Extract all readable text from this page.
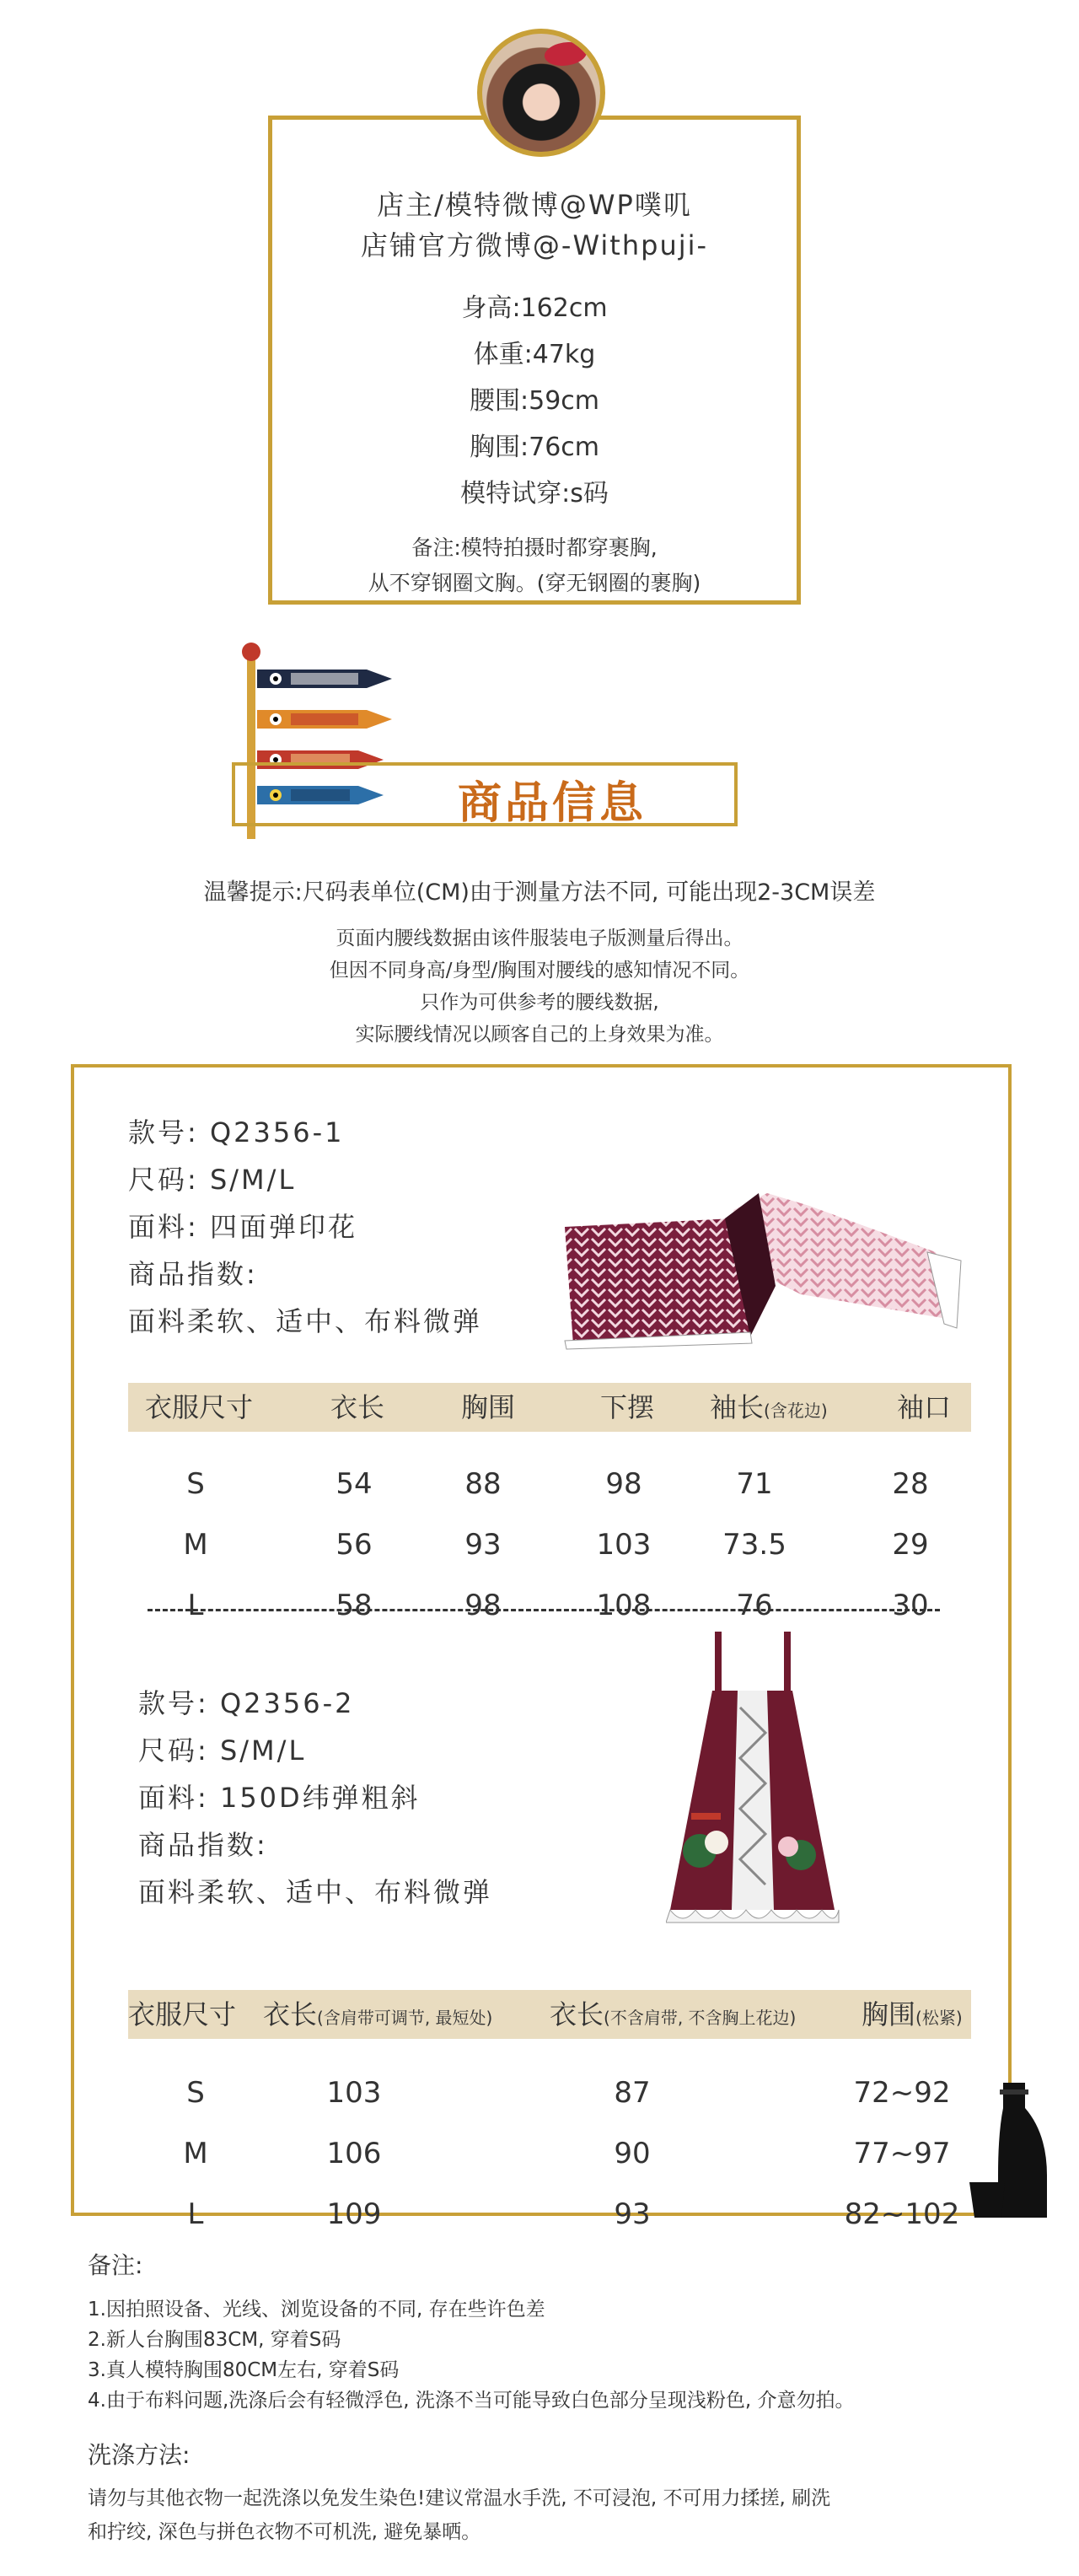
店主/模特微博@WP噗叽
店铺官方微博@-Withpuji-
身高:162cm
体重:47kg
腰围:59cm
胸围:76cm
模特试穿:s码
备注:模特拍摄时都穿裹胸,
从不穿钢圈文胸。(穿无钢圈的裹胸)
商品信息
温馨提示:尺码表单位(CM)由于测量方法不同, 可能出现2-3CM误差
页面内腰线数据由该件服装电子版测量后得出。
但因不同身高/身型/胸围对腰线的感知情况不同。
只作为可供参考的腰线数据,
实际腰线情况以顾客自己的上身效果为准。
款号: Q2356-1
尺码: S/M/L
面料: 四面弹印花
商品指数:
面料柔软、适中、布料微弹
衣服尺寸	衣长	胸围	下摆 袖长(含花边)	袖口
S	54	88	98	71	28
M	56	93	103	73.5	29
L	58	98	108	76	30
款号: Q2356-2
尺码: S/M/L
面料: 150D纬弹粗斜
商品指数:
面料柔软、适中、布料微弹
衣服尺寸 衣长(含肩带可调节, 最短处) 衣长(不含肩带, 不含胸上花边) 胸围(松紧)
S	103	87	72~92
M	106	90	77~97
L	109	93	82~102
备注:
1.因拍照设备、光线、浏览设备的不同, 存在些许色差
2.新人台胸围83CM, 穿着S码
3.真人模特胸围80CM左右, 穿着S码
4.由于布料问题,洗涤后会有轻微浮色, 洗涤不当可能导致白色部分呈现浅粉色, 介意勿拍。
洗涤方法:
请勿与其他衣物一起洗涤以免发生染色!建议常温水手洗, 不可浸泡, 不可用力揉搓, 刷洗
和拧绞, 深色与拼色衣物不可机洗, 避免暴晒。
